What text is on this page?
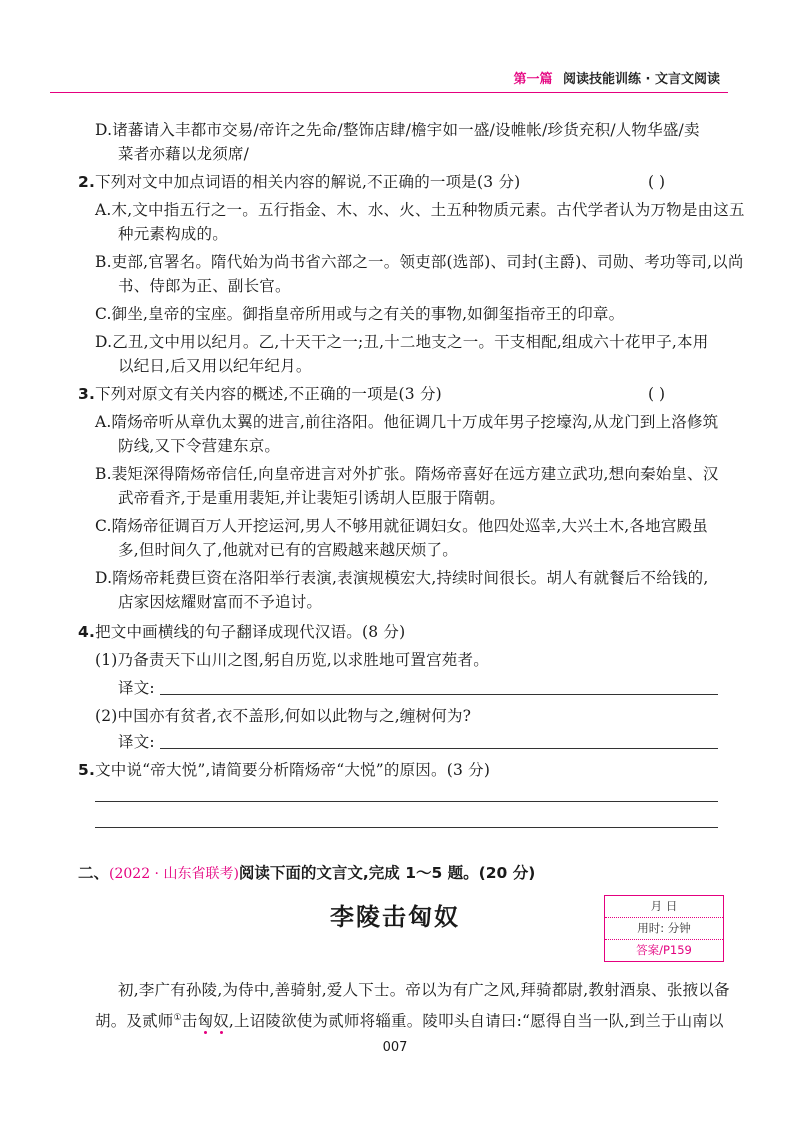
第一篇 阅读技能训练 · 文言文阅读
D.诸蕃请入丰都市交易/帝许之先命/整饰店肆/檐宇如一盛/设帷帐/珍货充积/人物华盛/卖
菜者亦藉以龙须席/
2.下列对文中加点词语的相关内容的解说,不正确的一项是(3 分)	( )
A.木,文中指五行之一。五行指金、木、水、火、土五种物质元素。古代学者认为万物是由这五
种元素构成的。
B.吏部,官署名。隋代始为尚书省六部之一。领吏部(选部)、司封(主爵)、司勋、考功等司,以尚
书、侍郎为正、副长官。
C.御坐,皇帝的宝座。御指皇帝所用或与之有关的事物,如御玺指帝王的印章。
D.乙丑,文中用以纪月。乙,十天干之一;丑,十二地支之一。干支相配,组成六十花甲子,本用
以纪日,后又用以纪年纪月。
3.下列对原文有关内容的概述,不正确的一项是(3 分)	( )
A.隋炀帝听从章仇太翼的进言,前往洛阳。他征调几十万成年男子挖壕沟,从龙门到上洛修筑
防线,又下令营建东京。
B.裴矩深得隋炀帝信任,向皇帝进言对外扩张。隋炀帝喜好在远方建立武功,想向秦始皇、汉
武帝看齐,于是重用裴矩,并让裴矩引诱胡人臣服于隋朝。
C.隋炀帝征调百万人开挖运河,男人不够用就征调妇女。他四处巡幸,大兴土木,各地宫殿虽
多,但时间久了,他就对已有的宫殿越来越厌烦了。
D.隋炀帝耗费巨资在洛阳举行表演,表演规模宏大,持续时间很长。胡人有就餐后不给钱的,
店家因炫耀财富而不予追讨。
4.把文中画横线的句子翻译成现代汉语。(8 分)
(1)乃备责天下山川之图,躬自历览,以求胜地可置宫苑者。
译文:
(2)中国亦有贫者,衣不盖形,何如以此物与之,缠树何为?
译文:
5.文中说“帝大悦”,请简要分析隋炀帝“大悦”的原因。(3 分)
二、(2022 · 山东省联考)阅读下面的文言文,完成 1～5 题。(20 分)
李陵击匈奴	月 日
用时: 分钟
答案/P159
初,李广有孙陵,为侍中,善骑射,爱人下士。帝以为有广之风,拜骑都尉,教射酒泉、张掖以备
胡。及贰师①击匈奴,上诏陵欲使为贰师将辎重。陵叩头自请曰:“愿得自当一队,到兰于山南以
007
